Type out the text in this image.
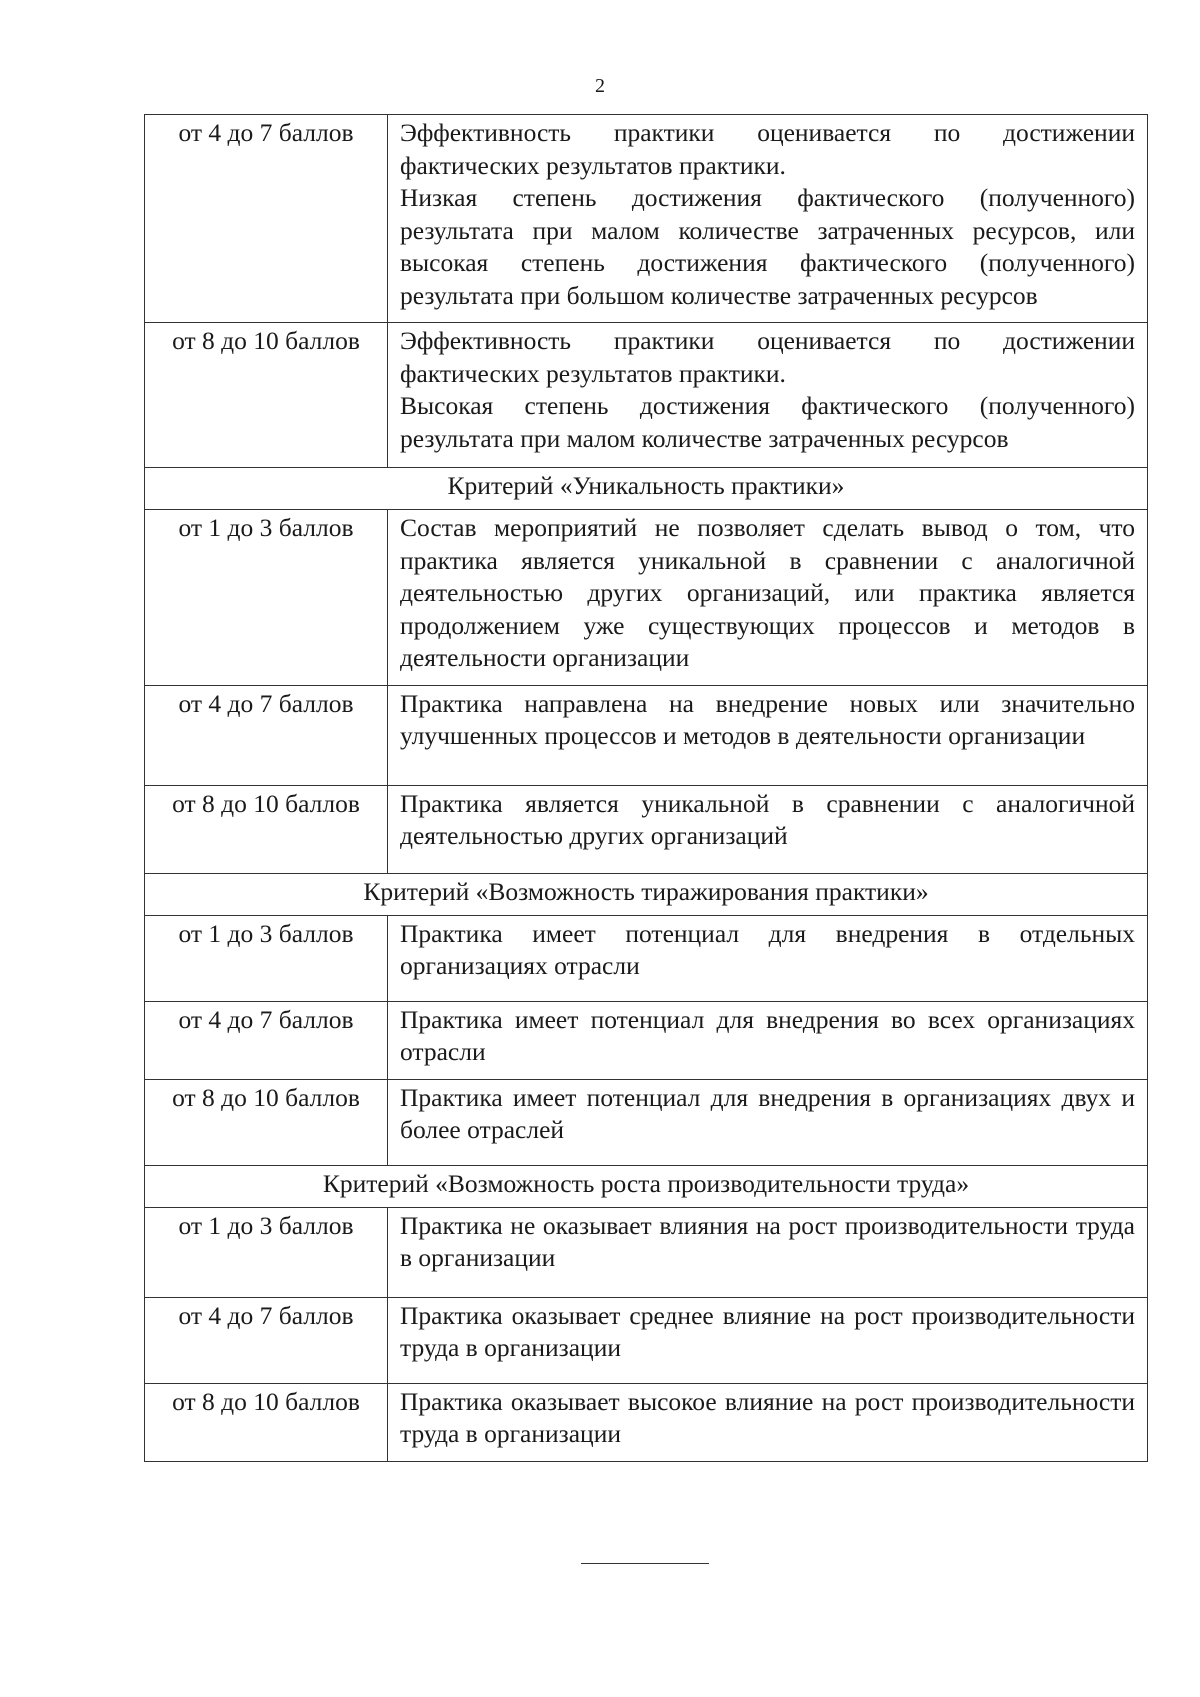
2
от 4 до 7 баллов	Эффективность практики оценивается по достижении фактических результатов практики.
Низкая степень достижения фактического (полученного) результата при малом количестве затраченных ресурсов, или высокая степень достижения фактического (полученного) результата при большом количестве затраченных ресурсов

от 8 до 10 баллов	Эффективность практики оценивается по достижении фактических результатов практики.
Высокая степень достижения фактического (полученного) результата при малом количестве затраченных ресурсов

Критерий «Уникальность практики»	
от 1 до 3 баллов	Состав мероприятий не позволяет сделать вывод о том, что практика является уникальной в сравнении с аналогичной деятельностью других организаций, или практика является продолжением уже существующих процессов и методов в деятельности организации

от 4 до 7 баллов	Практика направлена на внедрение новых или значительно улучшенных процессов и методов в деятельности организации

от 8 до 10 баллов	Практика является уникальной в сравнении с аналогичной деятельностью других организаций

Критерий «Возможность тиражирования практики»	
от 1 до 3 баллов	Практика имеет потенциал для внедрения в отдельных организациях отрасли

от 4 до 7 баллов	Практика имеет потенциал для внедрения во всех организациях отрасли

от 8 до 10 баллов	Практика имеет потенциал для внедрения в организациях двух и более отраслей

Критерий «Возможность роста производительности труда»	
от 1 до 3 баллов	Практика не оказывает влияния на рост производительности труда в организации

от 4 до 7 баллов	Практика оказывает среднее влияние на рост производительности труда в организации

от 8 до 10 баллов	Практика оказывает высокое влияние на рост производительности труда в организации
